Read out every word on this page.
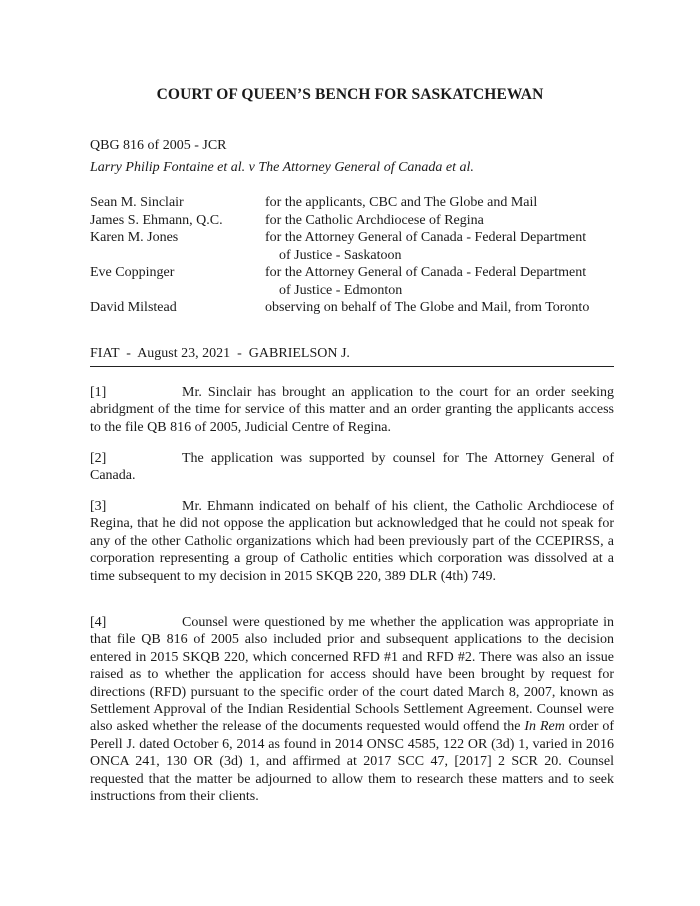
COURT OF QUEEN’S BENCH FOR SASKATCHEWAN
QBG 816 of 2005 - JCR
Larry Philip Fontaine et al. v The Attorney General of Canada et al.
Sean M. Sinclair	for the applicants, CBC and The Globe and Mail
James S. Ehmann, Q.C.	for the Catholic Archdiocese of Regina
Karen M. Jones	for the Attorney General of Canada - Federal Department
of Justice - Saskatoon
Eve Coppinger	for the Attorney General of Canada - Federal Department
of Justice - Edmonton
David Milstead	observing on behalf of The Globe and Mail, from Toronto
FIAT  -  August 23, 2021  -  GABRIELSON J.
[1]	Mr. Sinclair has brought an application to the court for an order seeking abridgment of the time for service of this matter and an order granting the applicants access to the file QB 816 of 2005, Judicial Centre of Regina.
[2]	The application was supported by counsel for The Attorney General of Canada.
[3]	Mr. Ehmann indicated on behalf of his client, the Catholic Archdiocese of Regina, that he did not oppose the application but acknowledged that he could not speak for any of the other Catholic organizations which had been previously part of the CCEPIRSS, a corporation representing a group of Catholic entities which corporation was dissolved at a time subsequent to my decision in 2015 SKQB 220, 389 DLR (4th) 749.
[4]	Counsel were questioned by me whether the application was appropriate in that file QB 816 of 2005 also included prior and subsequent applications to the decision entered in 2015 SKQB 220, which concerned RFD #1 and RFD #2. There was also an issue raised as to whether the application for access should have been brought by request for directions (RFD) pursuant to the specific order of the court dated March 8, 2007, known as Settlement Approval of the Indian Residential Schools Settlement Agreement. Counsel were also asked whether the release of the documents requested would offend the In Rem order of Perell J. dated October 6, 2014 as found in 2014 ONSC 4585, 122 OR (3d) 1, varied in 2016 ONCA 241, 130 OR (3d) 1, and affirmed at 2017 SCC 47, [2017] 2 SCR 20. Counsel requested that the matter be adjourned to allow them to research these matters and to seek instructions from their clients.
